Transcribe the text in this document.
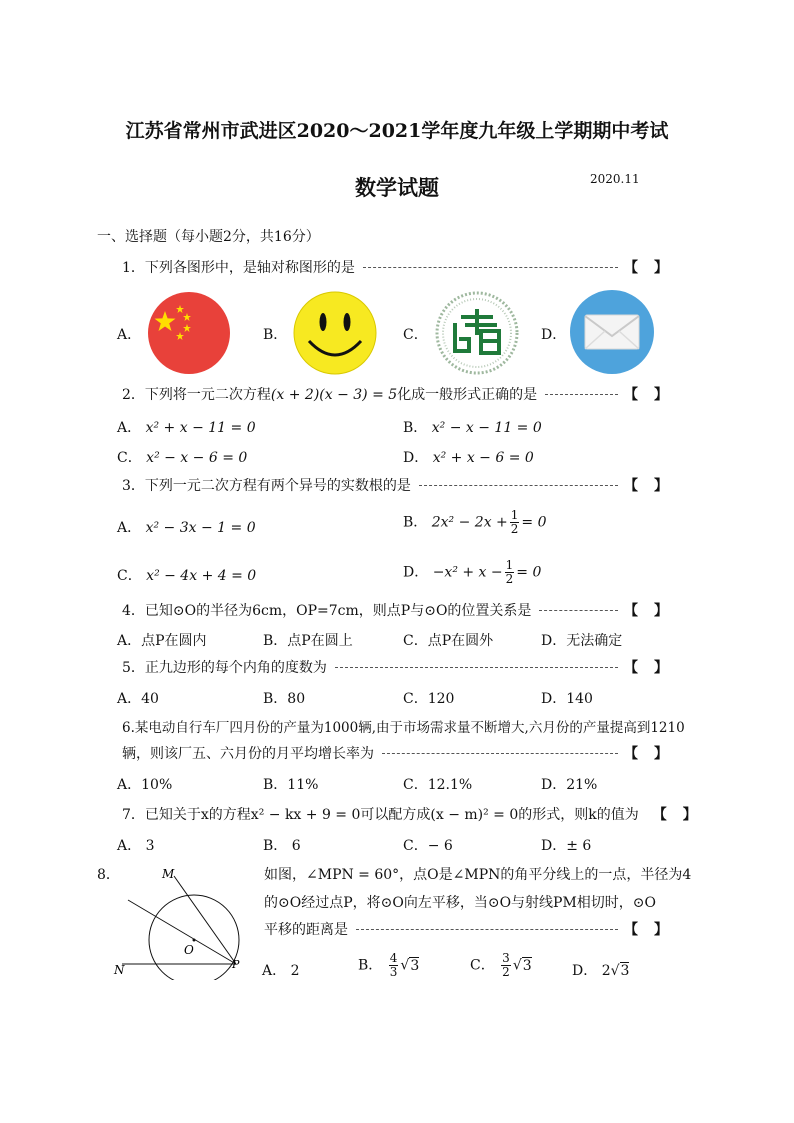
江苏省常州市武进区2020～2021学年度九年级上学期期中考试
数学试题	2020.11
一、选择题（每小题2分，共16分）
1．下列各图形中，是轴对称图形的是	【 】
A．	B．	C．	D．
2．下列将一元二次方程(x + 2)(x − 3) = 5化成一般形式正确的是	【 】
A． x² + x − 11 = 0	B． x² − x − 11 = 0
C． x² − x − 6 = 0	D． x² + x − 6 = 0
3．下列一元二次方程有两个异号的实数根的是	【 】
A． x² − 3x − 1 = 0	B． $2x^2 - 2x + \frac{1}{2} = 0$
C． x² − 4x + 4 = 0	D． $-x^2 + x - \frac{1}{2} = 0$
4．已知⊙O的半径为6cm，OP=7cm，则点P与⊙O的位置关系是	【 】
A．点P在圆内	B．点P在圆上	C．点P在圆外	D．无法确定
5．正九边形的每个内角的度数为	【 】
A．40	B．80	C．120	D．140
6.某电动自行车厂四月份的产量为1000辆,由于市场需求量不断增大,六月份的产量提高到1210
辆，则该厂五、六月份的月平均增长率为	【 】
A．10%	B．11%	C．12.1%	D．21%
7．已知关于x的方程x² − kx + 9 = 0可以配方成(x − m)² = 0的形式，则k的值为 【 】
A． 3	B． 6	C．− 6	D．± 6
8．	M
N
O
P
如图，∠MPN = 60°，点O是∠MPN的角平分线上的一点，半径为4
的⊙O经过点P，将⊙O向左平移，当⊙O与射线PM相切时，⊙O
平移的距离是	【 】
A． 2	B． $\frac{4}{3} √3$	C． $\frac{3}{2} √3$	D． 2√3
